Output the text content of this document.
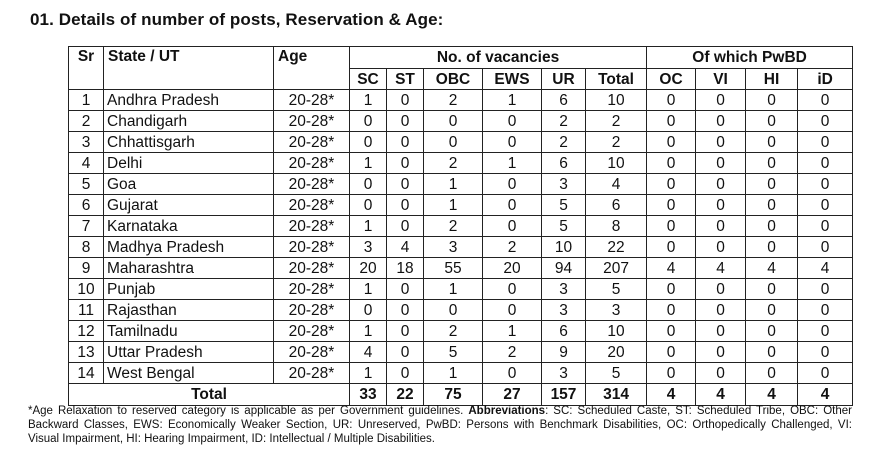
01. Details of number of posts, Reservation & Age:
Sr	State / UT	Age	No. of vacancies						Of which PwBD			
			SC	ST	OBC	EWS	UR	Total	OC	VI	HI	iD
1	Andhra Pradesh	20-28*	1	0	2	1	6	10	0	0	0	0
2	Chandigarh	20-28*	0	0	0	0	2	2	0	0	0	0
3	Chhattisgarh	20-28*	0	0	0	0	2	2	0	0	0	0
4	Delhi	20-28*	1	0	2	1	6	10	0	0	0	0
5	Goa	20-28*	0	0	1	0	3	4	0	0	0	0
6	Gujarat	20-28*	0	0	1	0	5	6	0	0	0	0
7	Karnataka	20-28*	1	0	2	0	5	8	0	0	0	0
8	Madhya Pradesh	20-28*	3	4	3	2	10	22	0	0	0	0
9	Maharashtra	20-28*	20	18	55	20	94	207	4	4	4	4
10	Punjab	20-28*	1	0	1	0	3	5	0	0	0	0
11	Rajasthan	20-28*	0	0	0	0	3	3	0	0	0	0
12	Tamilnadu	20-28*	1	0	2	1	6	10	0	0	0	0
13	Uttar Pradesh	20-28*	4	0	5	2	9	20	0	0	0	0
14	West Bengal	20-28*	1	0	1	0	3	5	0	0	0	0
Total			33	22	75	27	157	314	4	4	4	4
*Age Relaxation to reserved category is applicable as per Government guidelines. Abbreviations: SC: Scheduled Caste, ST: Scheduled Tribe, OBC: Other Backward Classes, EWS: Economically Weaker Section, UR: Unreserved, PwBD: Persons with Benchmark Disabilities, OC: Orthopedically Challenged, VI: Visual Impairment, HI: Hearing Impairment, ID: Intellectual / Multiple Disabilities.
